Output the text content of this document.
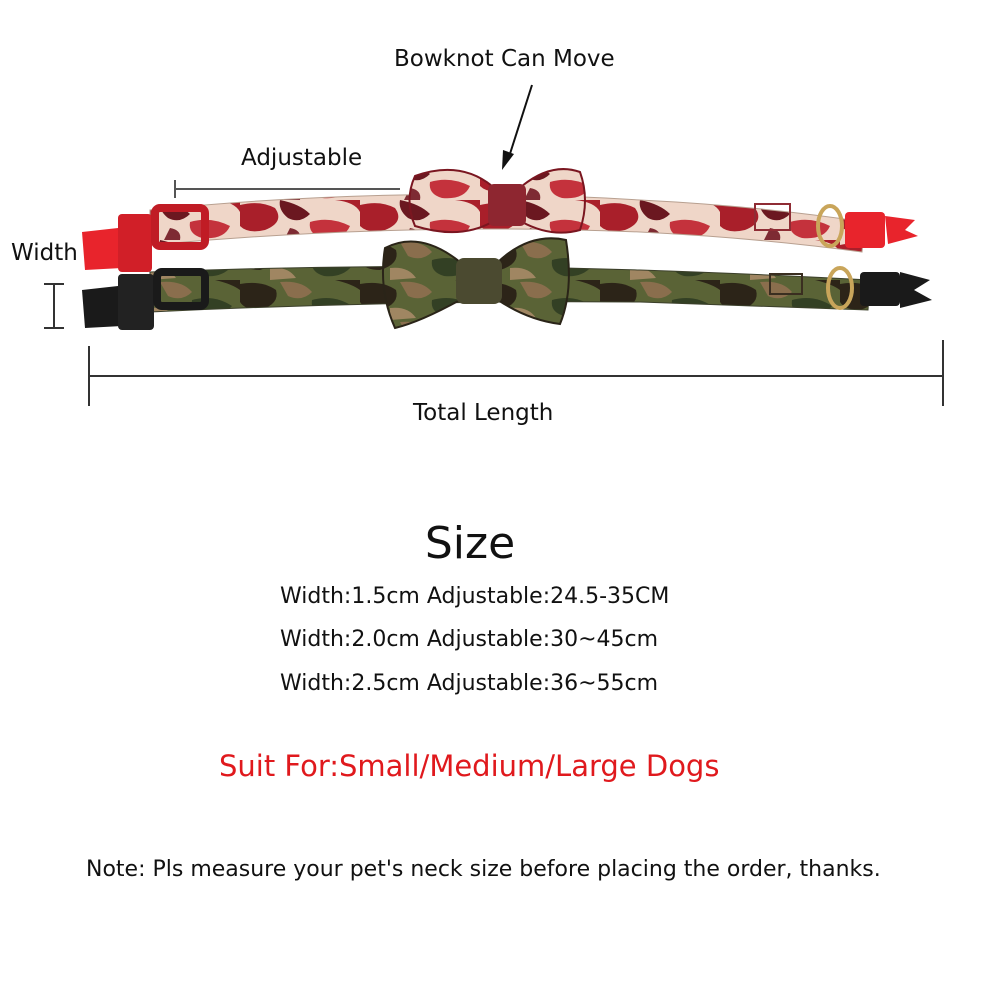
Bowknot Can Move
Adjustable
Width
Total Length
Size
Width:1.5cm Adjustable:24.5-35CM
Width:2.0cm Adjustable:30~45cm
Width:2.5cm Adjustable:36~55cm
Suit For:Small/Medium/Large Dogs
Note: Pls measure your pet's neck size before placing the order, thanks.
